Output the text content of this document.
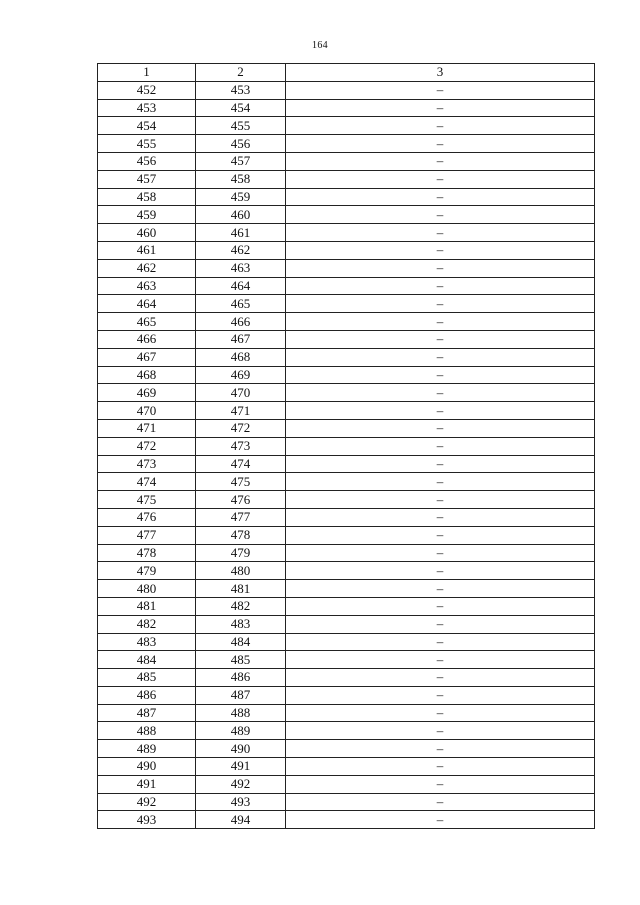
164
1	2	3
452	453	–
453	454	–
454	455	–
455	456	–
456	457	–
457	458	–
458	459	–
459	460	–
460	461	–
461	462	–
462	463	–
463	464	–
464	465	–
465	466	–
466	467	–
467	468	–
468	469	–
469	470	–
470	471	–
471	472	–
472	473	–
473	474	–
474	475	–
475	476	–
476	477	–
477	478	–
478	479	–
479	480	–
480	481	–
481	482	–
482	483	–
483	484	–
484	485	–
485	486	–
486	487	–
487	488	–
488	489	–
489	490	–
490	491	–
491	492	–
492	493	–
493	494	–
